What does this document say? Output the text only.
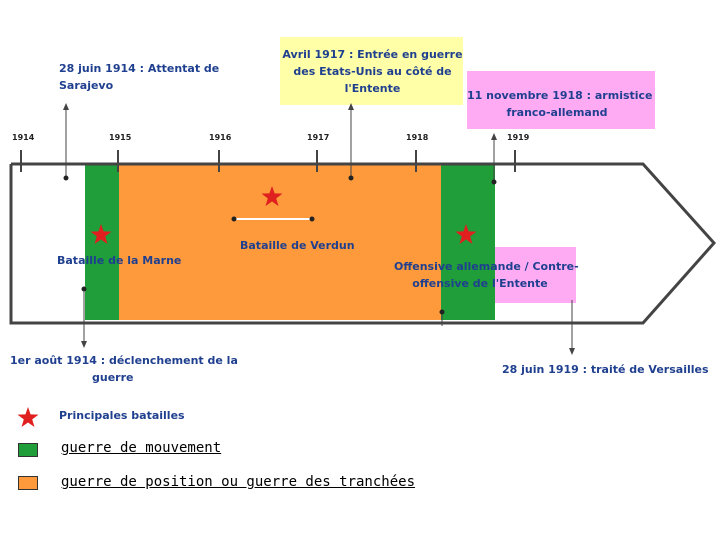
1914	1915	1916	1917	1918	1919
28 juin 1914 : Attentat de
Sarajevo
Avril 1917 : Entrée en guerre
des Etats-Unis au côté de
l'Entente
11 novembre 1918 : armistice
franco-allemand
1er août 1914 : déclenchement de la
guerre
28 juin 1919 : traité de Versailles
Bataille de la Marne
Bataille de Verdun
Offensive allemande / Contre-
offensive de l'Entente
Principales batailles
guerre de mouvement
guerre de position ou guerre des tranchées
